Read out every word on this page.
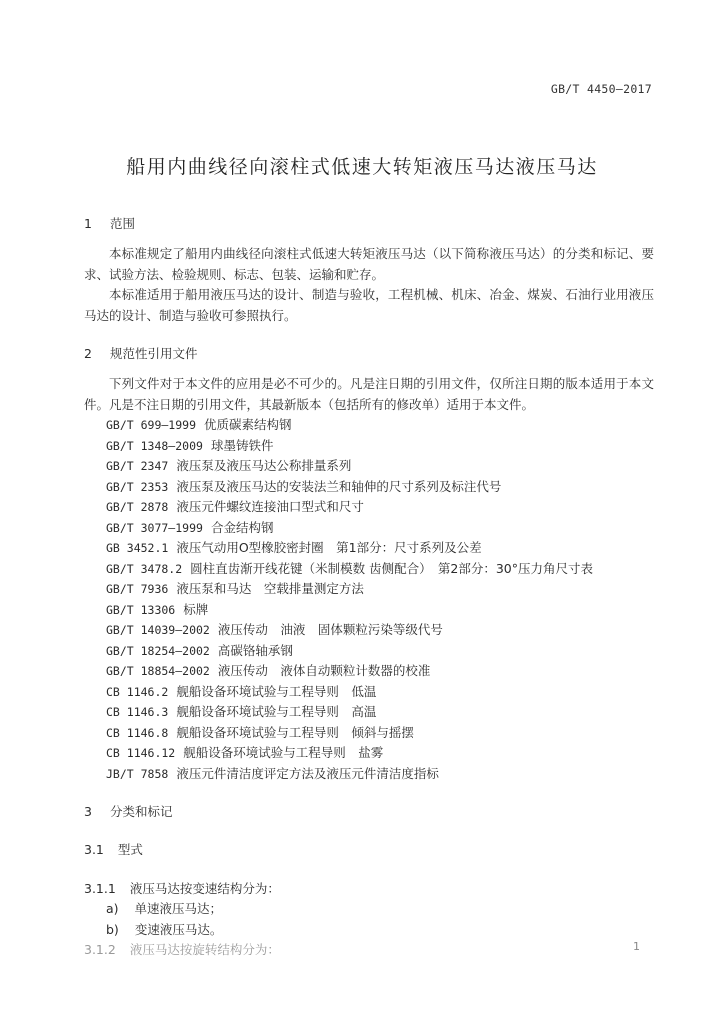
GB/T 4450—2017
船用内曲线径向滚柱式低速大转矩液压马达液压马达
1 范围

本标准规定了船用内曲线径向滚柱式低速大转矩液压马达（以下简称液压马达）的分类和标记、要求、试验方法、检验规则、标志、包装、运输和贮存。

本标准适用于船用液压马达的设计、制造与验收，工程机械、机床、冶金、煤炭、石油行业用液压马达的设计、制造与验收可参照执行。

2 规范性引用文件

下列文件对于本文件的应用是必不可少的。凡是注日期的引用文件，仅所注日期的版本适用于本文件。凡是不注日期的引用文件，其最新版本（包括所有的修改单）适用于本文件。

GB/T 699—1999 优质碳素结构钢
GB/T 1348—2009 球墨铸铁件
GB/T 2347 液压泵及液压马达公称排量系列
GB/T 2353 液压泵及液压马达的安装法兰和轴伸的尺寸系列及标注代号
GB/T 2878 液压元件螺纹连接油口型式和尺寸
GB/T 3077—1999 合金结构钢
GB 3452.1 液压气动用O型橡胶密封圈　第1部分：尺寸系列及公差
GB/T 3478.2 圆柱直齿渐开线花键（米制模数 齿侧配合）　第2部分：30°压力角尺寸表
GB/T 7936 液压泵和马达　空载排量测定方法
GB/T 13306 标牌
GB/T 14039—2002 液压传动　油液　固体颗粒污染等级代号
GB/T 18254—2002 高碳铬轴承钢
GB/T 18854—2002 液压传动　液体自动颗粒计数器的校准
CB 1146.2 舰船设备环境试验与工程导则　低温
CB 1146.3 舰船设备环境试验与工程导则　高温
CB 1146.8 舰船设备环境试验与工程导则　倾斜与摇摆
CB 1146.12 舰船设备环境试验与工程导则　盐雾
JB/T 7858 液压元件清洁度评定方法及液压元件清洁度指标
3 分类和标记
3.1 型式
3.1.1 液压马达按变速结构分为：
a) 单速液压马达；
b) 变速液压马达。
3.1.2 液压马达按旋转结构分为：	1
